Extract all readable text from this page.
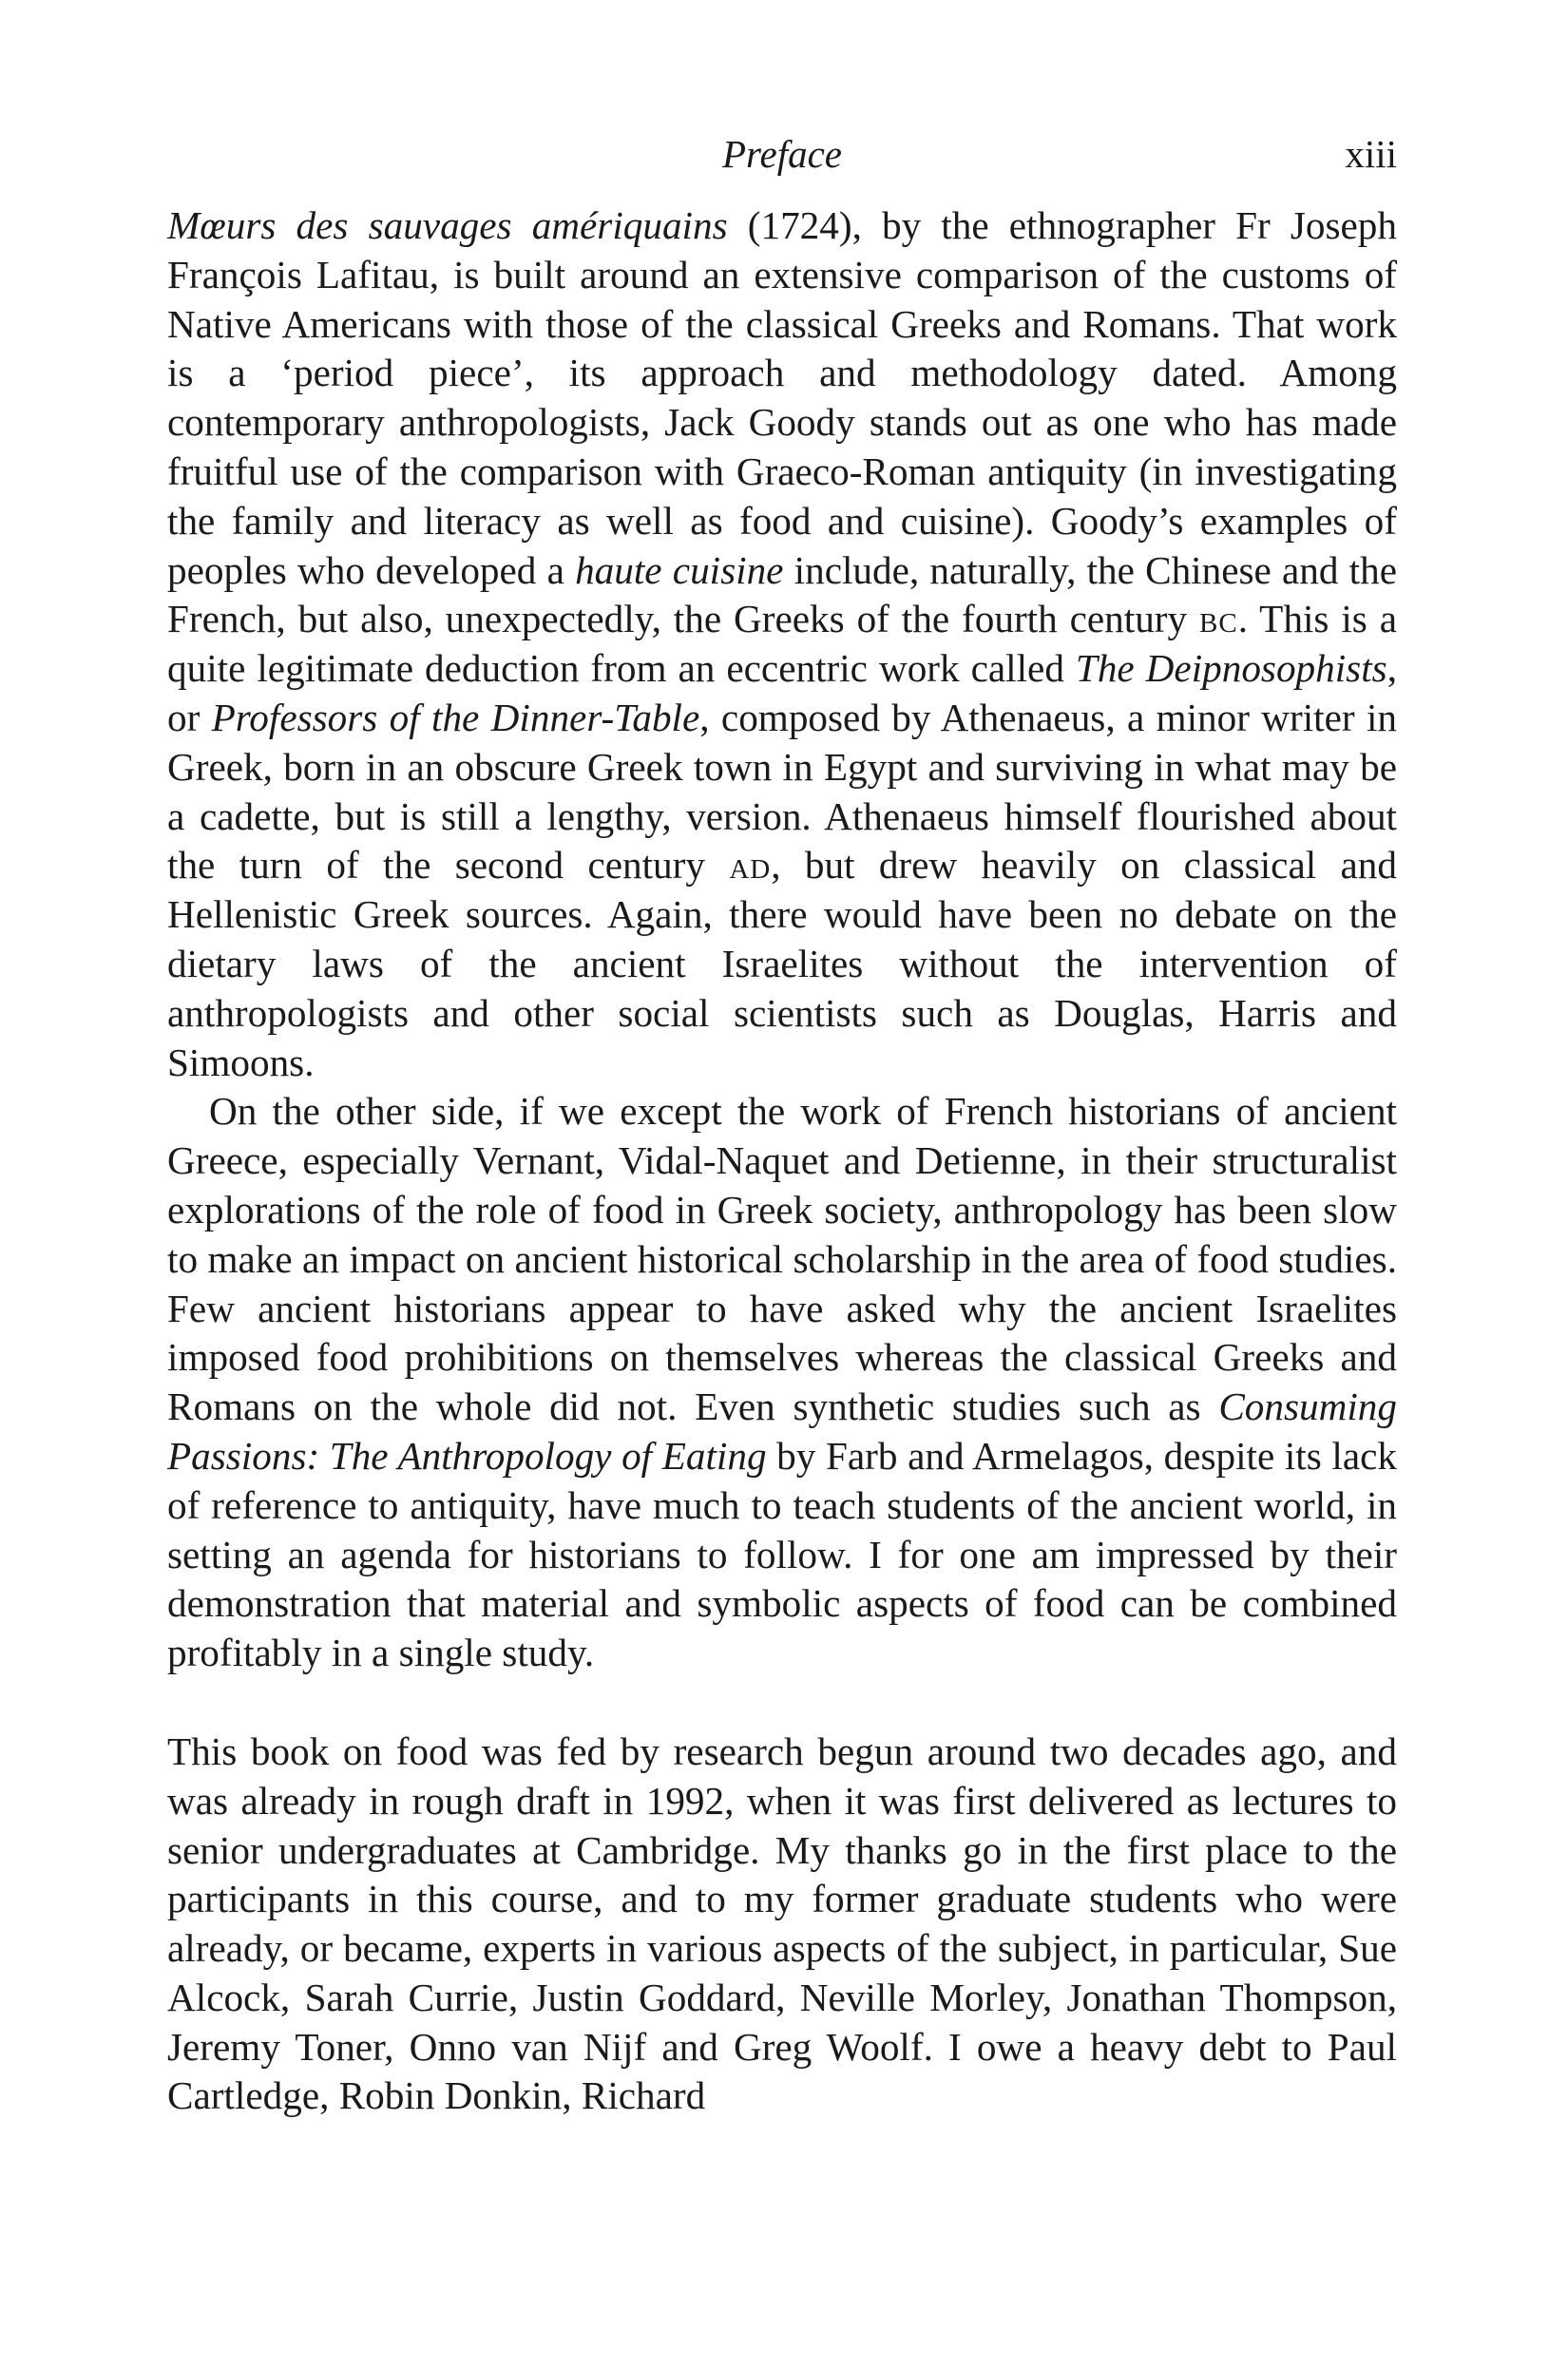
Preface	xiii

Mœurs des sauvages amériquains (1724), by the ethnographer Fr Joseph François Lafitau, is built around an extensive comparison of the customs of Native Americans with those of the classical Greeks and Romans. That work is a ‘period piece’, its approach and methodology dated. Among contemporary anthropologists, Jack Goody stands out as one who has made fruitful use of the comparison with Graeco-Roman antiquity (in investigating the family and literacy as well as food and cuisine). Goody’s examples of peoples who developed a haute cuisine include, naturally, the Chinese and the French, but also, unexpectedly, the Greeks of the fourth century bc. This is a quite legitimate deduction from an eccentric work called The Deipnosophists, or Professors of the Dinner-Table, composed by Athenaeus, a minor writer in Greek, born in an obscure Greek town in Egypt and surviving in what may be a cadette, but is still a lengthy, version. Athenaeus himself flourished about the turn of the second century ad, but drew heavily on classical and Hellenistic Greek sources. Again, there would have been no debate on the dietary laws of the ancient Israelites without the intervention of anthropologists and other social scientists such as Douglas, Harris and Simoons.

On the other side, if we except the work of French historians of ancient Greece, especially Vernant, Vidal-Naquet and Detienne, in their structuralist explorations of the role of food in Greek society, anthropology has been slow to make an impact on ancient historical scholarship in the area of food studies. Few ancient historians appear to have asked why the ancient Israelites imposed food prohibitions on themselves whereas the classical Greeks and Romans on the whole did not. Even synthetic studies such as Consuming Passions: The Anthropology of Eating by Farb and Armelagos, despite its lack of reference to antiquity, have much to teach students of the ancient world, in setting an agenda for historians to follow. I for one am impressed by their demonstration that material and symbolic aspects of food can be combined profitably in a single study.

This book on food was fed by research begun around two decades ago, and was already in rough draft in 1992, when it was first delivered as lectures to senior undergraduates at Cambridge. My thanks go in the first place to the participants in this course, and to my former graduate students who were already, or became, experts in various aspects of the subject, in particular, Sue Alcock, Sarah Currie, Justin Goddard, Neville Morley, Jonathan Thompson, Jeremy Toner, Onno van Nijf and Greg Woolf. I owe a heavy debt to Paul Cartledge, Robin Donkin, Richard
